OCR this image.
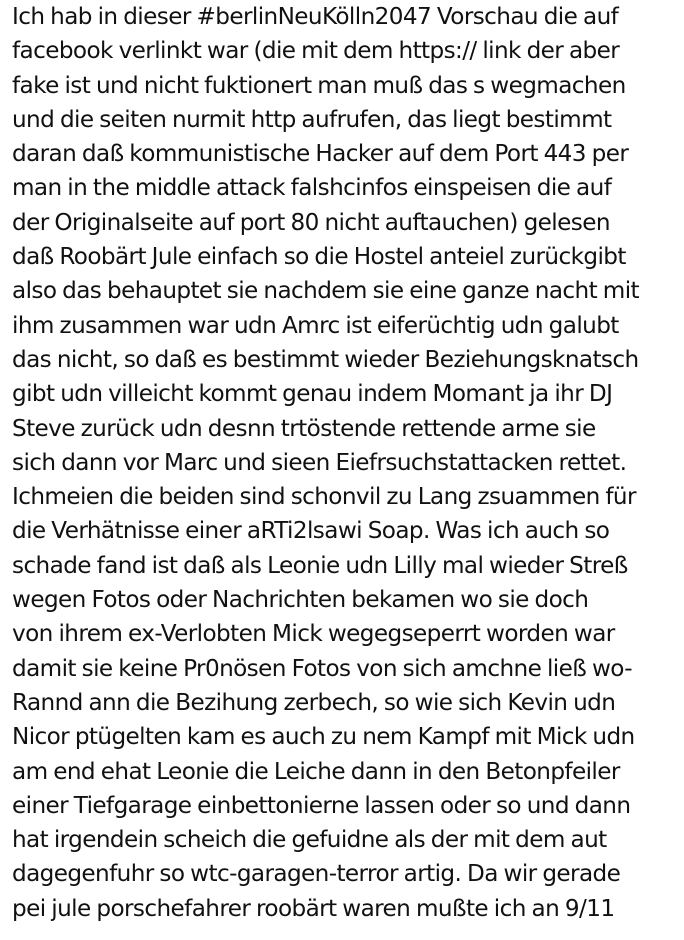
Ich hab in dieser #berlinNeuKölln2047 Vorschau die auf
facebook verlinkt war (die mit dem https:// link der aber
fake ist und nicht fuktionert man muß das s wegmachen
und die seiten nurmit http aufrufen, das liegt bestimmt
daran daß kommunistische Hacker auf dem Port 443 per
man in the middle attack falshcinfos einspeisen die auf
der Originalseite auf port 80 nicht auftauchen) gelesen
daß Roobärt Jule einfach so die Hostel anteiel zurückgibt
also das behauptet sie nachdem sie eine ganze nacht mit
ihm zusammen war udn Amrc ist eiferüchtig udn galubt
das nicht, so daß es bestimmt wieder Beziehungsknatsch
gibt udn villeicht kommt genau indem Momant ja ihr DJ
Steve zurück udn desnn trtöstende rettende arme sie
sich dann vor Marc und sieen Eiefrsuchstattacken rettet.
Ichmeien die beiden sind schonvil zu Lang zsuammen für
die Verhätnisse einer aRTi2lsawi Soap. Was ich auch so
schade fand ist daß als Leonie udn Lilly mal wieder Streß
wegen Fotos oder Nachrichten bekamen wo sie doch
von ihrem ex-Verlobten Mick wegegseperrt worden war
damit sie keine Pr0nösen Fotos von sich amchne ließ wo-
Rannd ann die Bezihung zerbech, so wie sich Kevin udn
Nicor ptügelten kam es auch zu nem Kampf mit Mick udn
am end ehat Leonie die Leiche dann in den Betonpfeiler
einer Tiefgarage einbettonierne lassen oder so und dann
hat irgendein scheich die gefuidne als der mit dem aut
dagegenfuhr so wtc-garagen-terror artig. Da wir gerade
pei jule porschefahrer roobärt waren mußte ich an 9/11
